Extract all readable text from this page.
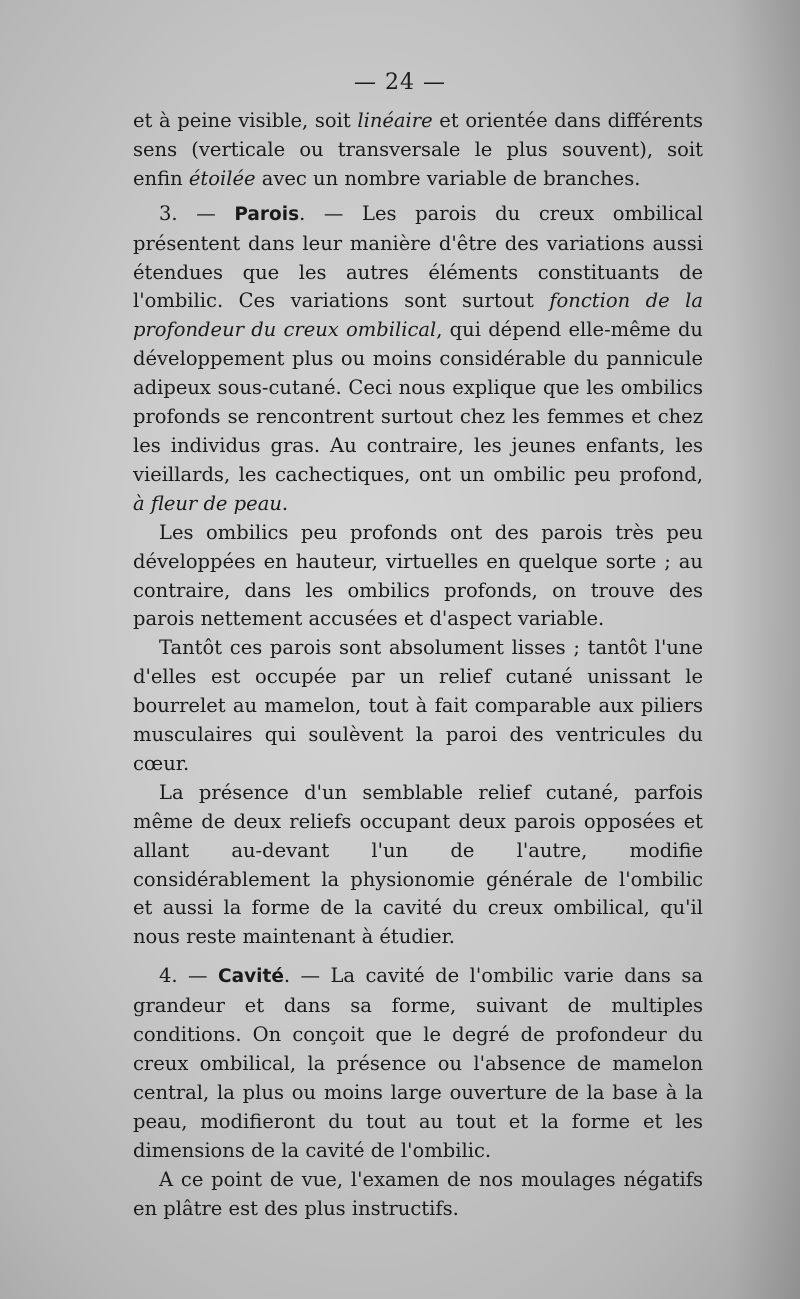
— 24 —

et à peine visible, soit linéaire et orientée dans différents sens (verticale ou transversale le plus souvent), soit enfin étoilée avec un nombre variable de branches.

3. — Parois. — Les parois du creux ombilical présentent dans leur manière d'être des variations aussi étendues que les autres éléments constituants de l'ombilic. Ces variations sont surtout fonction de la profondeur du creux ombilical, qui dépend elle-même du développement plus ou moins considérable du pannicule adipeux sous-cutané. Ceci nous explique que les ombilics profonds se rencontrent surtout chez les femmes et chez les individus gras. Au contraire, les jeunes enfants, les vieillards, les cachectiques, ont un ombilic peu profond, à fleur de peau.

Les ombilics peu profonds ont des parois très peu développées en hauteur, virtuelles en quelque sorte ; au contraire, dans les ombilics profonds, on trouve des parois nettement accusées et d'aspect variable.

Tantôt ces parois sont absolument lisses ; tantôt l'une d'elles est occupée par un relief cutané unissant le bourrelet au mamelon, tout à fait comparable aux piliers musculaires qui soulèvent la paroi des ventricules du cœur.

La présence d'un semblable relief cutané, parfois même de deux reliefs occupant deux parois opposées et allant au-devant l'un de l'autre, modifie considérablement la physionomie générale de l'ombilic et aussi la forme de la cavité du creux ombilical, qu'il nous reste maintenant à étudier.

4. — Cavité. — La cavité de l'ombilic varie dans sa grandeur et dans sa forme, suivant de multiples conditions. On conçoit que le degré de profondeur du creux ombilical, la présence ou l'absence de mamelon central, la plus ou moins large ouverture de la base à la peau, modifieront du tout au tout et la forme et les dimensions de la cavité de l'ombilic.

A ce point de vue, l'examen de nos moulages négatifs en plâtre est des plus instructifs.
